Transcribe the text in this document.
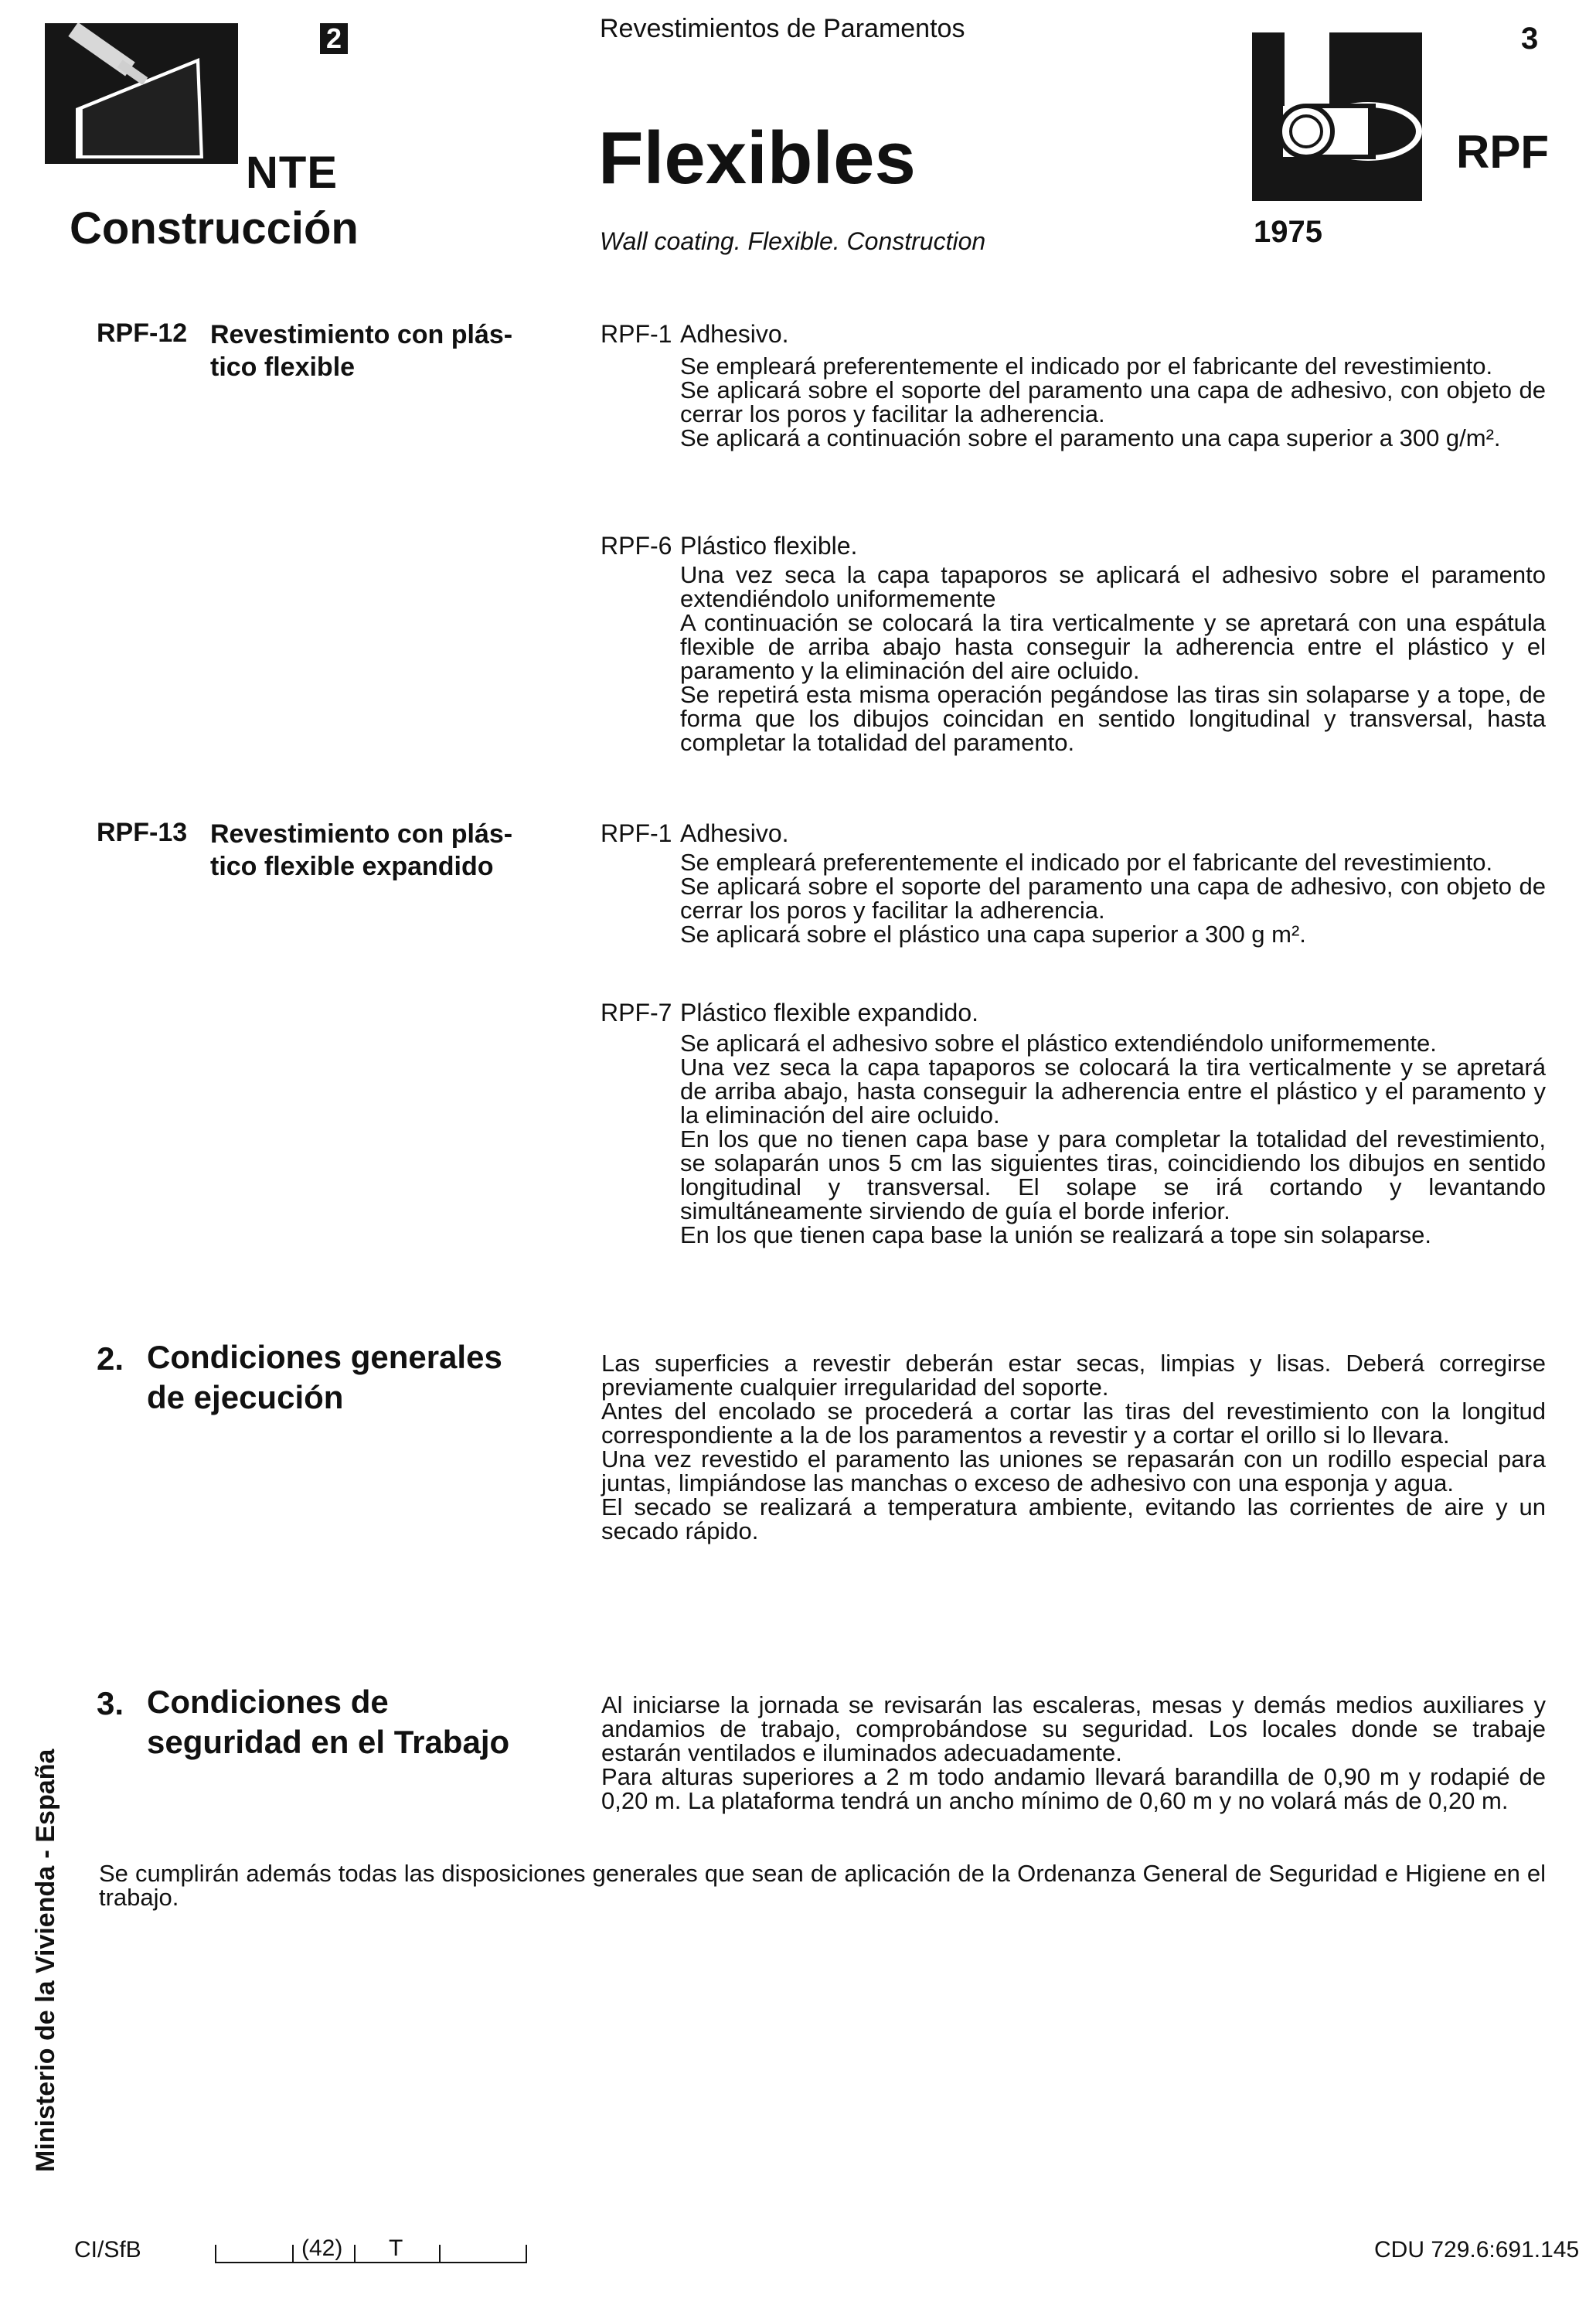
2
NTE
Construcción
Revestimientos de Paramentos
Flexibles
Wall coating. Flexible. Construction
3
RPF
1975
RPF-12 Revestimiento con plás-
tico flexible
RPF-1 Adhesivo.
Se empleará preferentemente el indicado por el fabricante del revestimiento.
Se aplicará sobre el soporte del paramento una capa de adhesivo, con objeto de cerrar los poros y facilitar la adherencia.
Se aplicará a continuación sobre el paramento una capa superior a 300 g/m².
RPF-6 Plástico flexible.
Una vez seca la capa tapaporos se aplicará el adhesivo sobre el paramento extendiéndolo uniformemente
A continuación se colocará la tira verticalmente y se apretará con una espátula flexible de arriba abajo hasta conseguir la adherencia entre el plástico y el paramento y la eliminación del aire ocluido.
Se repetirá esta misma operación pegándose las tiras sin solaparse y a tope, de forma que los dibujos coincidan en sentido longitudinal y transversal, hasta completar la totalidad del paramento.
RPF-13 Revestimiento con plás-
tico flexible expandido
RPF-1 Adhesivo.
Se empleará preferentemente el indicado por el fabricante del revestimiento.
Se aplicará sobre el soporte del paramento una capa de adhesivo, con objeto de cerrar los poros y facilitar la adherencia.
Se aplicará sobre el plástico una capa superior a 300 g m².
RPF-7 Plástico flexible expandido.
Se aplicará el adhesivo sobre el plástico extendiéndolo uniformemente.
Una vez seca la capa tapaporos se colocará la tira verticalmente y se apretará de arriba abajo, hasta conseguir la adherencia entre el plástico y el paramento y la eliminación del aire ocluido.
En los que no tienen capa base y para completar la totalidad del revestimiento, se solaparán unos 5 cm las siguientes tiras, coincidiendo los dibujos en sentido longitudinal y transversal. El solape se irá cortando y levantando simultáneamente sirviendo de guía el borde inferior.
En los que tienen capa base la unión se realizará a tope sin solaparse.
2. Condiciones generales
de ejecución
Las superficies a revestir deberán estar secas, limpias y lisas. Deberá corregirse previamente cualquier irregularidad del soporte.
Antes del encolado se procederá a cortar las tiras del revestimiento con la longitud correspondiente a la de los paramentos a revestir y a cortar el orillo si lo llevara.
Una vez revestido el paramento las uniones se repasarán con un rodillo especial para juntas, limpiándose las manchas o exceso de adhesivo con una esponja y agua.
El secado se realizará a temperatura ambiente, evitando las corrientes de aire y un secado rápido.
3. Condiciones de
seguridad en el Trabajo
Al iniciarse la jornada se revisarán las escaleras, mesas y demás medios auxiliares y andamios de trabajo, comprobándose su seguridad. Los locales donde se trabaje estarán ventilados e iluminados adecuadamente.
Para alturas superiores a 2 m todo andamio llevará barandilla de 0,90 m y rodapié de 0,20 m. La plataforma tendrá un ancho mínimo de 0,60 m y no volará más de 0,20 m.
Se cumplirán además todas las disposiciones generales que sean de aplicación de la Ordenanza General de Seguridad e Higiene en el trabajo.
Ministerio de la Vivienda - España
CI/SfB	(42) T	CDU 729.6:691.145
